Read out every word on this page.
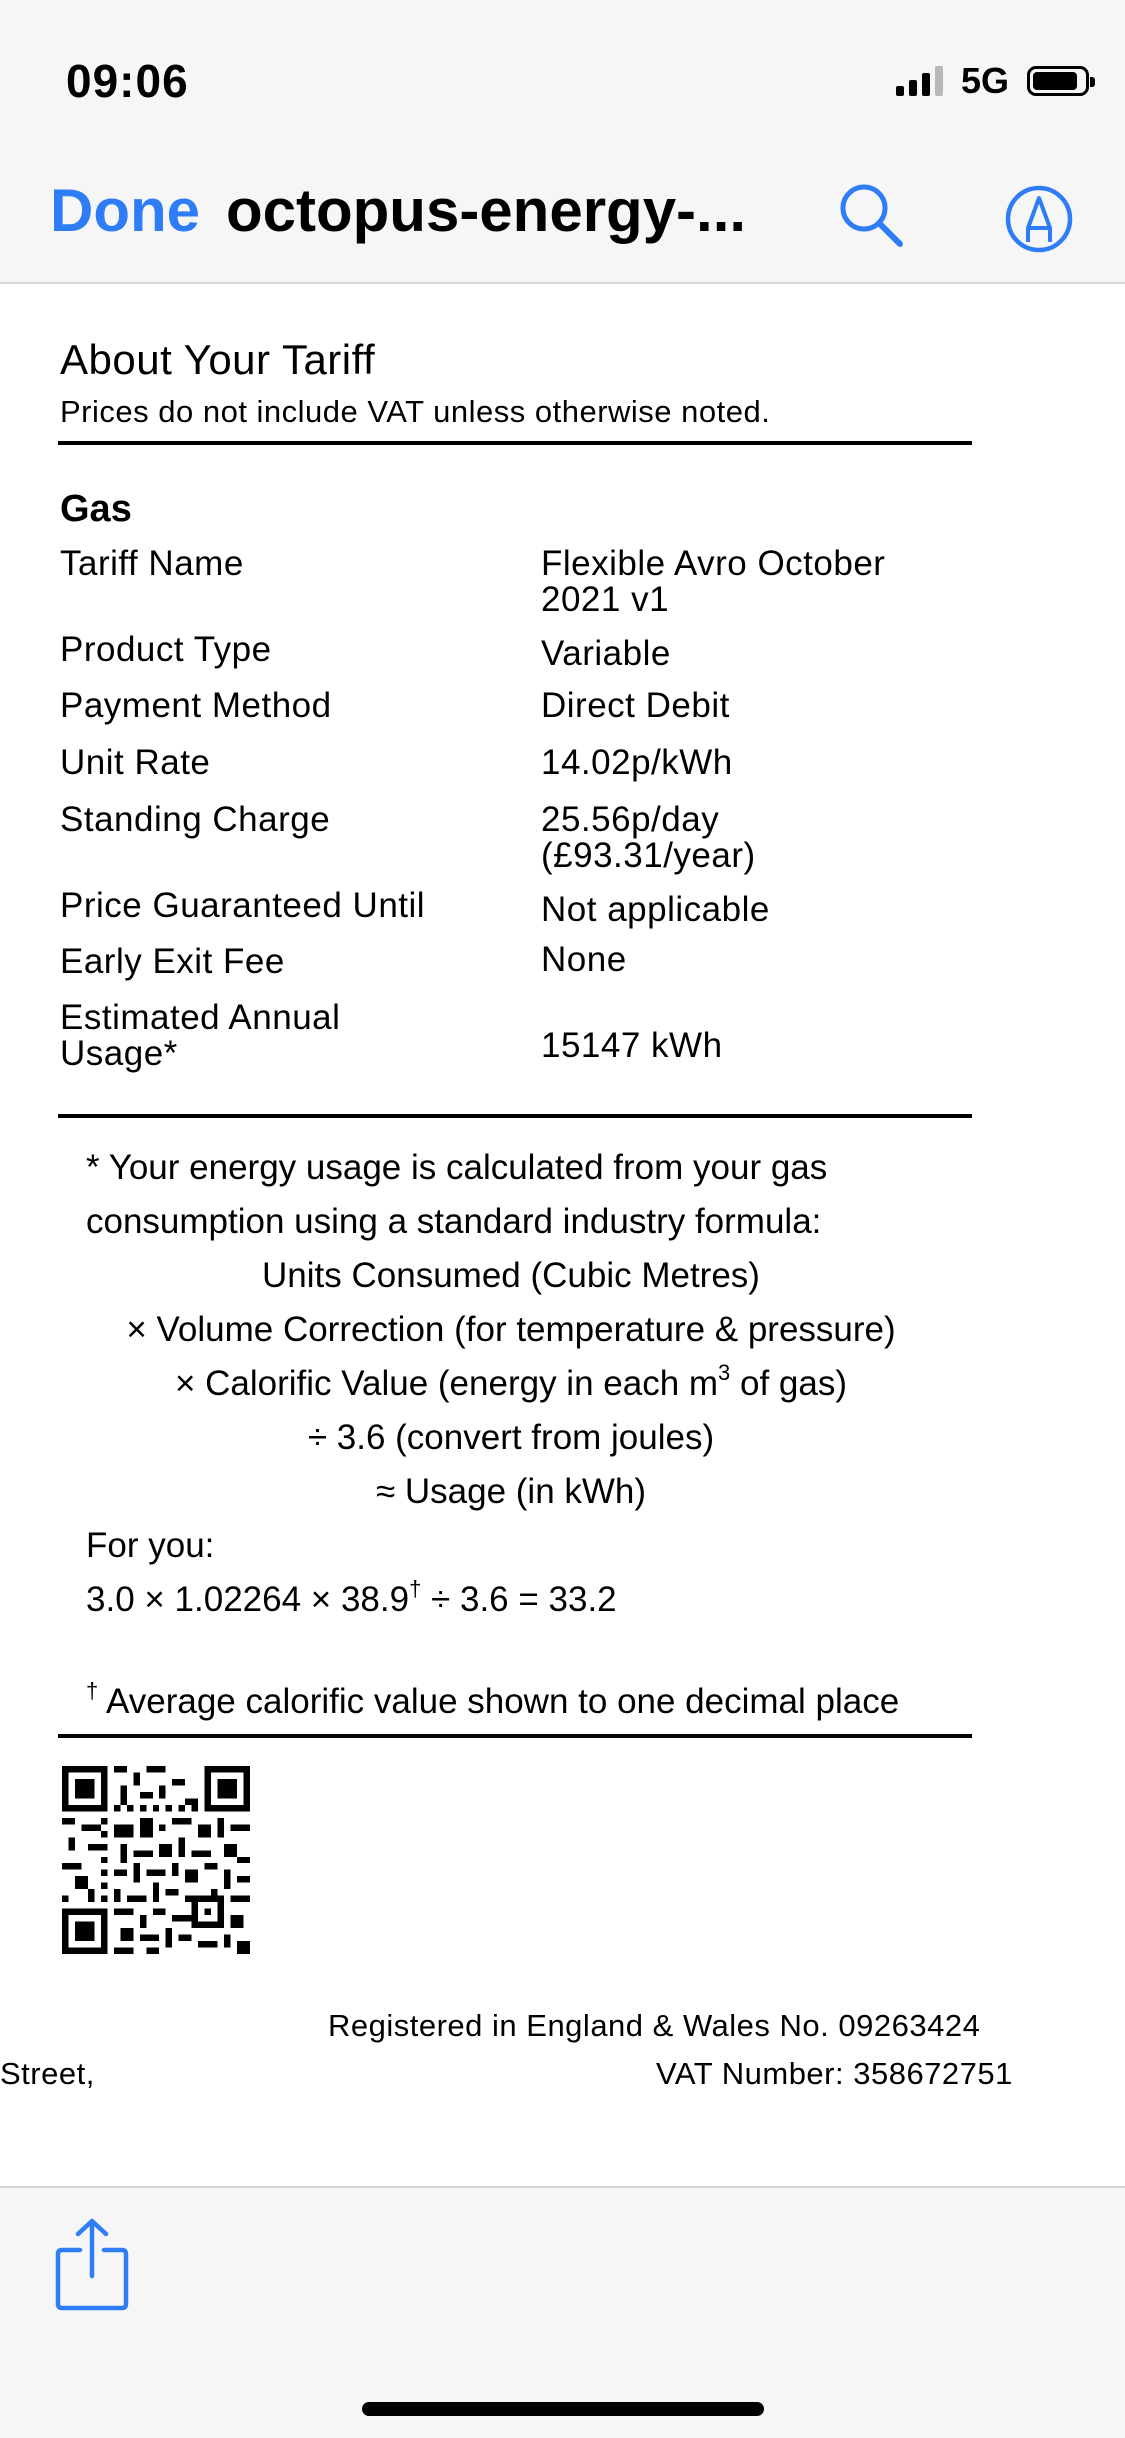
09:06	5G
Done octopus-energy-...
About Your Tariff
Prices do not include VAT unless otherwise noted.
Gas
Tariff Name	Flexible Avro October
2021 v1
Product Type	Variable
Payment Method	Direct Debit
Unit Rate	14.02p/kWh
Standing Charge	25.56p/day
(£93.31/year)
Price Guaranteed Until	Not applicable
Early Exit Fee	None
Estimated Annual
Usage*	15147 kWh
* Your energy usage is calculated from your gas
consumption using a standard industry formula:
Units Consumed (Cubic Metres)
× Volume Correction (for temperature & pressure)
× Calorific Value (energy in each $m^3$ of gas)
÷ 3.6 (convert from joules)
≈ Usage (in kWh)
For you:
3.0 × 1.02264 × 38.9† ÷ 3.6 = 33.2
† Average calorific value shown to one decimal place
Registered in England & Wales No. 09263424
Street,	VAT Number: 358672751
